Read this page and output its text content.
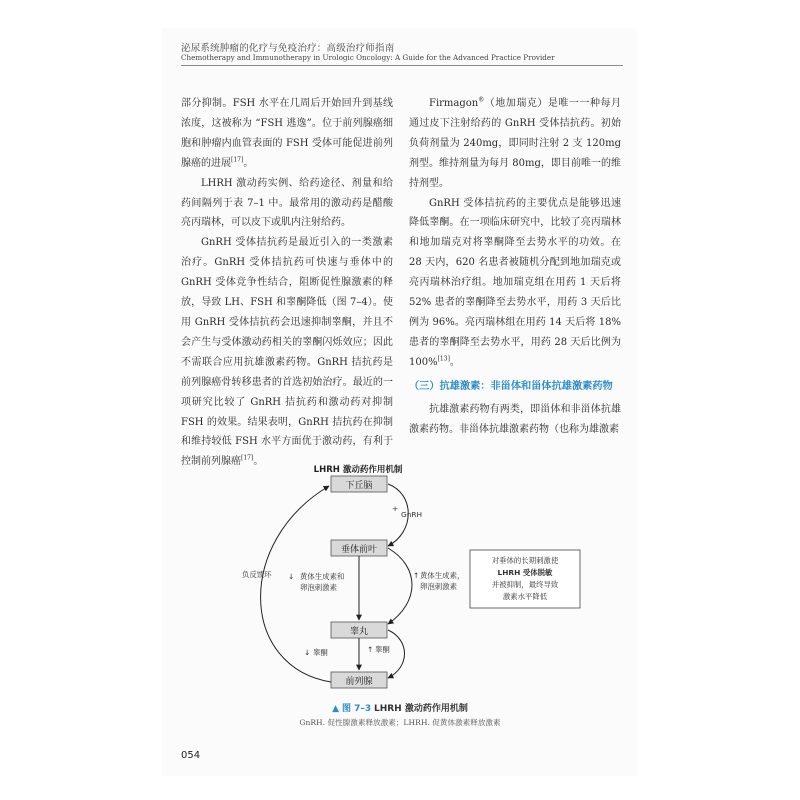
泌尿系统肿瘤的化疗与免疫治疗：高级治疗师指南
Chemotherapy and Immunotherapy in Urologic Oncology: A Guide for the Advanced Practice Provider

部分抑制。FSH 水平在几周后开始回升到基线浓度，这被称为 “FSH 逃逸”。位于前列腺癌细胞和肿瘤内血管表面的 FSH 受体可能促进前列腺癌的进展[17]。

LHRH 激动药实例、给药途径、剂量和给药间隔列于表 7–1 中。最常用的激动药是醋酸亮丙瑞林，可以皮下或肌内注射给药。

GnRH 受体拮抗药是最近引入的一类激素治疗。GnRH 受体拮抗药可快速与垂体中的 GnRH 受体竞争性结合，阻断促性腺激素的释放，导致 LH、FSH 和睾酮降低（图 7–4）。使用 GnRH 受体拮抗药会迅速抑制睾酮，并且不会产生与受体激动药相关的睾酮闪烁效应；因此不需联合应用抗雄激素药物。GnRH 拮抗药是前列腺癌骨转移患者的首选初始治疗。最近的一项研究比较了 GnRH 拮抗药和激动药对抑制 FSH 的效果。结果表明，GnRH 拮抗药在抑制和维持较低 FSH 水平方面优于激动药，有利于控制前列腺癌[17]。

Firmagon®（地加瑞克）是唯一一种每月通过皮下注射给药的 GnRH 受体拮抗药。初始负荷剂量为 240mg，即同时注射 2 支 120mg 剂型。维持剂量为每月 80mg，即目前唯一的维持剂型。

GnRH 受体拮抗药的主要优点是能够迅速降低睾酮。在一项临床研究中，比较了亮丙瑞林和地加瑞克对将睾酮降至去势水平的功效。在 28 天内，620 名患者被随机分配到地加瑞克或亮丙瑞林治疗组。地加瑞克组在用药 1 天后将 52% 患者的睾酮降至去势水平，用药 3 天后比例为 96%。亮丙瑞林组在用药 14 天后将 18% 患者的睾酮降至去势水平，用药 28 天后比例为 100%[13]。

（三）抗雄激素：非甾体和甾体抗雄激素药物

抗雄激素药物有两类，即甾体和非甾体抗雄激素药物。非甾体抗雄激素药物（也称为雄激素

LHRH 激动药作用机制
下丘脑
垂体前叶
睾丸
前列腺
+
GnRH
↑ 黄体生成素，
卵泡刺激素
↓ 黄体生成素和
卵泡刺激素
负反馈环
↓ 睾酮	↑ 睾酮
对垂体的长期刺激使
LHRH 受体脱敏
并被抑制，最终导致
激素水平降低
▲ 图 7–3 LHRH 激动药作用机制
GnRH. 促性腺激素释放激素；LHRH. 促黄体激素释放激素
054
